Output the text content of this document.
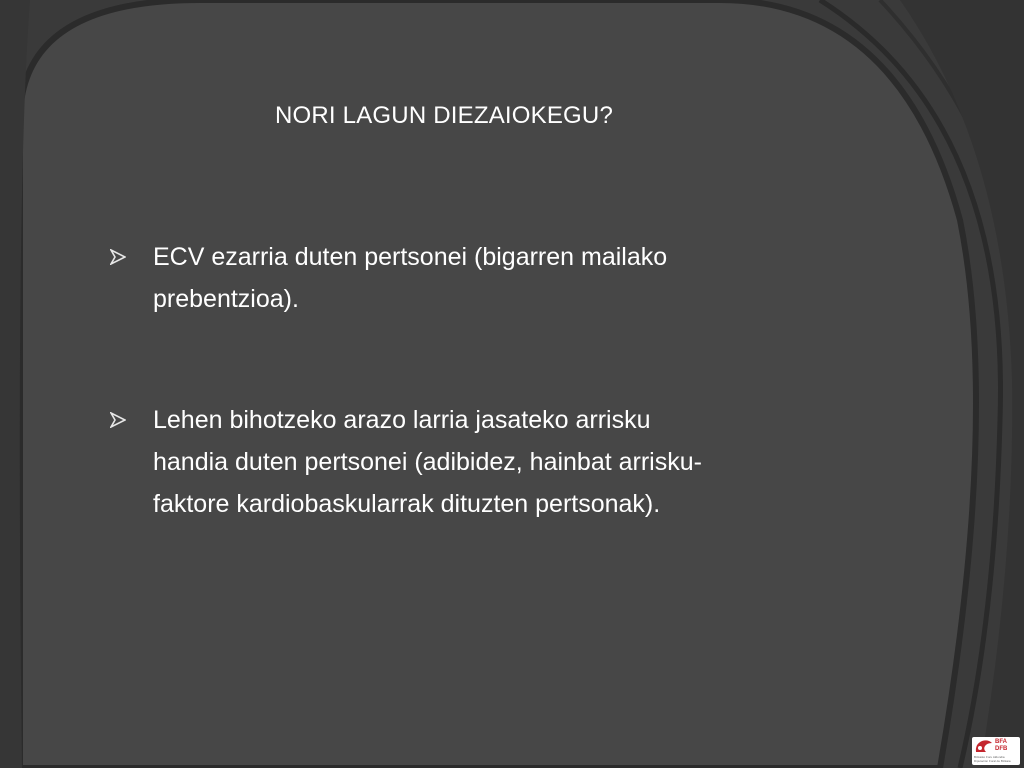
NORI LAGUN DIEZAIOKEGU?
ECV ezarria duten pertsonei (bigarren mailako
prebentzioa).
Lehen bihotzeko arazo larria jasateko arrisku
handia duten pertsonei (adibidez, hainbat arrisku-
faktore kardiobaskularrak dituzten pertsonak).
BFA
DFB
Bizkaiko Foru Aldundia
Diputación Foral de Bizkaia
